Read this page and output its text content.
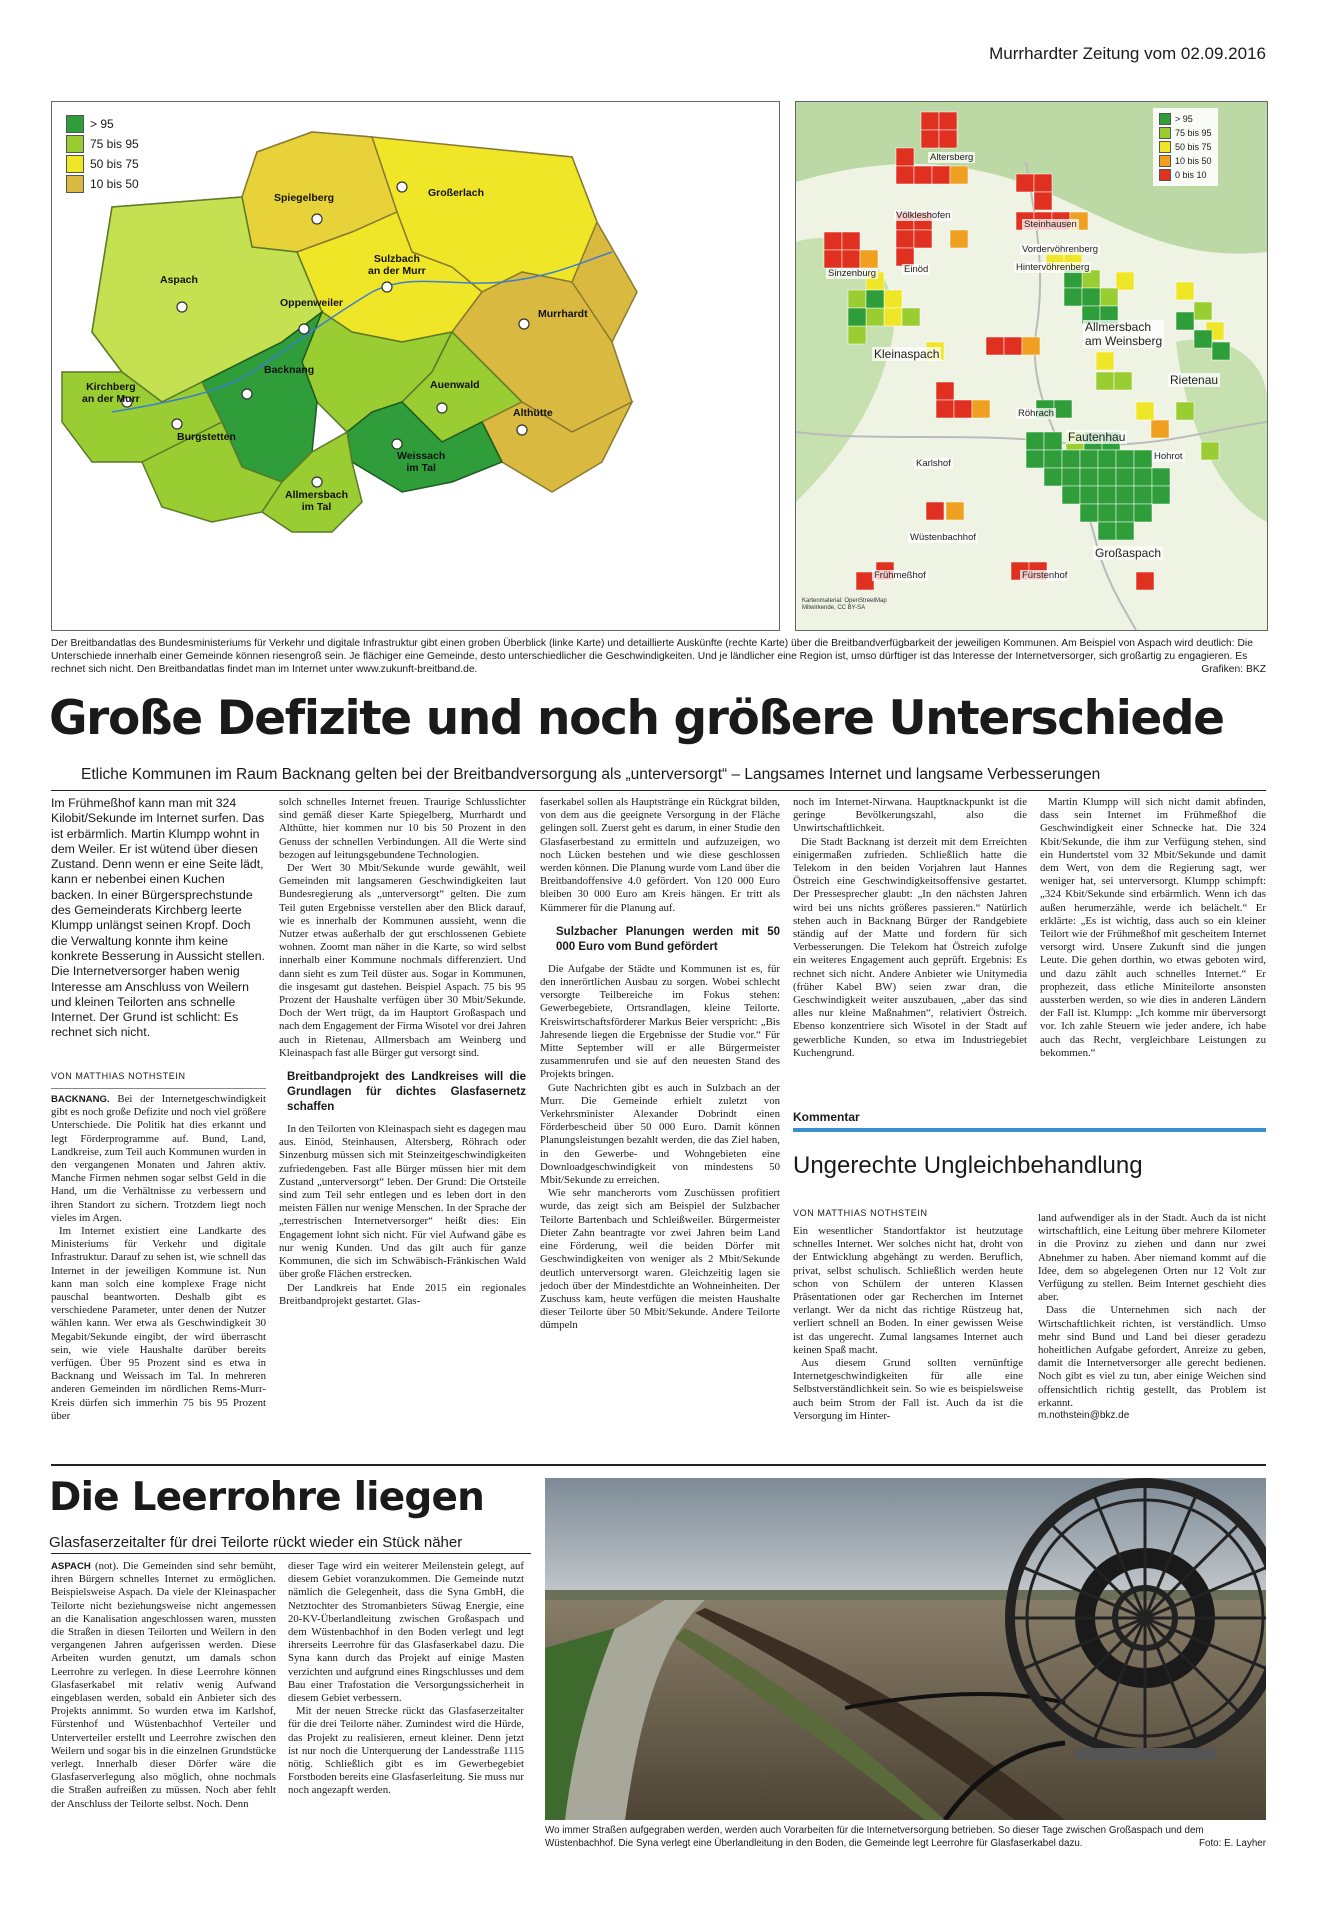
Murrhardter Zeitung vom 02.09.2016
> 95
75 bis 95
50 bis 75
10 bis 50
Großerlach
Spiegelberg
Sulzbach
an der Murr
Aspach
Oppenweiler
Murrhardt
Backnang
Kirchberg
an der Murr
Auenwald
Burgstetten
Althütte
Weissach
im Tal
Allmersbach
im Tal
> 95
75 bis 95
50 bis 75
10 bis 50
0 bis 10
Altersberg
Völkleshofen
Steinhausen
Vordervöhrenberg
Hintervöhrenberg
Sinzenburg	Einöd
Allmersbach
am Weinsberg
Kleinaspach
Rietenau
Röhrach
Fautenhau
Hohrot
Karlshof
Wüstenbachhof
Großaspach
Frühmeßhof	Fürstenhof
Kartenmaterial: OpenStreetMap
Mitwirkende, CC BY-SA
Der Breitbandatlas des Bundesministeriums für Verkehr und digitale Infrastruktur gibt einen groben Überblick (linke Karte) und detaillierte Auskünfte (rechte Karte) über die Breitbandverfügbarkeit der jeweiligen Kommunen. Am Beispiel von Aspach wird deutlich: Die Unterschiede innerhalb einer Gemeinde können riesengroß sein. Je flächiger eine Gemeinde, desto unterschiedlicher die Geschwindigkeiten. Und je ländlicher eine Region ist, umso dürftiger ist das Interesse der Internetversorger, sich großartig zu engagieren. Es rechnet sich nicht. Den Breitbandatlas findet man im Internet unter www.zukunft-breitband.de.	Grafiken: BKZ
Große Defizite und noch größere Unterschiede
Etliche Kommunen im Raum Backnang gelten bei der Breitbandversorgung als „unterversorgt“ – Langsames Internet und langsame Verbesserungen
Im Frühmeßhof kann man mit 324 Kilobit/Sekunde im Internet surfen. Das ist erbärmlich. Martin Klumpp wohnt in dem Weiler. Er ist wütend über diesen Zustand. Denn wenn er eine Seite lädt, kann er nebenbei einen Kuchen backen. In einer Bürgersprechstunde des Gemeinderats Kirchberg leerte Klumpp unlängst seinen Kropf. Doch die Verwaltung konnte ihm keine konkrete Besserung in Aussicht stellen. Die Internetversorger haben wenig Interesse am Anschluss von Weilern und kleinen Teilorten ans schnelle Internet. Der Grund ist schlicht: Es rechnet sich nicht.
VON MATTHIAS NOTHSTEIN

BACKNANG. Bei der Internetgeschwindigkeit gibt es noch große Defizite und noch viel größere Unterschiede. Die Politik hat dies erkannt und legt Förderprogramme auf. Bund, Land, Landkreise, zum Teil auch Kommunen wurden in den vergangenen Monaten und Jahren aktiv. Manche Firmen nehmen sogar selbst Geld in die Hand, um die Verhältnisse zu verbessern und ihren Standort zu sichern. Trotzdem liegt noch vieles im Argen.

Im Internet existiert eine Landkarte des Ministeriums für Verkehr und digitale Infrastruktur. Darauf zu sehen ist, wie schnell das Internet in der jeweiligen Kommune ist. Nun kann man solch eine komplexe Frage nicht pauschal beantworten. Deshalb gibt es verschiedene Parameter, unter denen der Nutzer wählen kann. Wer etwa als Geschwindigkeit 30 Megabit/Sekunde eingibt, der wird überrascht sein, wie viele Haushalte darüber bereits verfügen. Über 95 Prozent sind es etwa in Backnang und Weissach im Tal. In mehreren anderen Gemeinden im nördlichen Rems-Murr-Kreis dürfen sich immerhin 75 bis 95 Prozent über

solch schnelles Internet freuen. Traurige Schlusslichter sind gemäß dieser Karte Spiegelberg, Murrhardt und Althütte, hier kommen nur 10 bis 50 Prozent in den Genuss der schnellen Verbindungen. All die Werte sind bezogen auf leitungsgebundene Technologien.

Der Wert 30 Mbit/Sekunde wurde gewählt, weil Gemeinden mit langsameren Geschwindigkeiten laut Bundesregierung als „unterversorgt“ gelten. Die zum Teil guten Ergebnisse verstellen aber den Blick darauf, wie es innerhalb der Kommunen aussieht, wenn die Nutzer etwas außerhalb der gut erschlossenen Gebiete wohnen. Zoomt man näher in die Karte, so wird selbst innerhalb einer Kommune nochmals differenziert. Und dann sieht es zum Teil düster aus. Sogar in Kommunen, die insgesamt gut dastehen. Beispiel Aspach. 75 bis 95 Prozent der Haushalte verfügen über 30 Mbit/Sekunde. Doch der Wert trügt, da im Hauptort Großaspach und nach dem Engagement der Firma Wisotel vor drei Jahren auch in Rietenau, Allmersbach am Weinberg und Kleinaspach fast alle Bürger gut versorgt sind.

Breitbandprojekt des Landkreises will die Grundlagen für dichtes Glasfasernetz schaffen

In den Teilorten von Kleinaspach sieht es dagegen mau aus. Einöd, Steinhausen, Altersberg, Röhrach oder Sinzenburg müssen sich mit Steinzeitgeschwindigkeiten zufriedengeben. Fast alle Bürger müssen hier mit dem Zustand „unterversorgt“ leben. Der Grund: Die Ortsteile sind zum Teil sehr entlegen und es leben dort in den meisten Fällen nur wenige Menschen. In der Sprache der „terrestrischen Internetversorger“ heißt dies: Ein Engagement lohnt sich nicht. Für viel Aufwand gäbe es nur wenig Kunden. Und das gilt auch für ganze Kommunen, die sich im Schwäbisch-Fränkischen Wald über große Flächen erstrecken.

Der Landkreis hat Ende 2015 ein regionales Breitbandprojekt gestartet. Glas-

faserkabel sollen als Hauptstränge ein Rückgrat bilden, von dem aus die geeignete Versorgung in der Fläche gelingen soll. Zuerst geht es darum, in einer Studie den Glasfaserbestand zu ermitteln und aufzuzeigen, wo noch Lücken bestehen und wie diese geschlossen werden können. Die Planung wurde vom Land über die Breitbandoffensive 4.0 gefördert. Von 120 000 Euro bleiben 30 000 Euro am Kreis hängen. Er tritt als Kümmerer für die Planung auf.

Sulzbacher Planungen werden mit 50 000 Euro vom Bund gefördert

Die Aufgabe der Städte und Kommunen ist es, für den innerörtlichen Ausbau zu sorgen. Wobei schlecht versorgte Teilbereiche im Fokus stehen: Gewerbegebiete, Ortsrandlagen, kleine Teilorte. Kreiswirtschaftsförderer Markus Beier verspricht: „Bis Jahresende liegen die Ergebnisse der Studie vor.“ Für Mitte September will er alle Bürgermeister zusammenrufen und sie auf den neuesten Stand des Projekts bringen.

Gute Nachrichten gibt es auch in Sulzbach an der Murr. Die Gemeinde erhielt zuletzt von Verkehrsminister Alexander Dobrindt einen Förderbescheid über 50 000 Euro. Damit können Planungsleistungen bezahlt werden, die das Ziel haben, in den Gewerbe- und Wohngebieten eine Downloadgeschwindigkeit von mindestens 50 Mbit/Sekunde zu erreichen.

Wie sehr mancherorts vom Zuschüssen profitiert wurde, das zeigt sich am Beispiel der Sulzbacher Teilorte Bartenbach und Schleißweiler. Bürgermeister Dieter Zahn beantragte vor zwei Jahren beim Land eine Förderung, weil die beiden Dörfer mit Geschwindigkeiten von weniger als 2 Mbit/Sekunde deutlich unterversorgt waren. Gleichzeitig lagen sie jedoch über der Mindestdichte an Wohneinheiten. Der Zuschuss kam, heute verfügen die meisten Haushalte dieser Teilorte über 50 Mbit/Sekunde. Andere Teilorte dümpeln

noch im Internet-Nirwana. Hauptknackpunkt ist die geringe Bevölkerungszahl, also die Unwirtschaftlichkeit.

Die Stadt Backnang ist derzeit mit dem Erreichten einigermaßen zufrieden. Schließlich hatte die Telekom in den beiden Vorjahren laut Hannes Östreich eine Geschwindigkeitsoffensive gestartet. Der Pressesprecher glaubt: „In den nächsten Jahren wird bei uns nichts größeres passieren.“ Natürlich stehen auch in Backnang Bürger der Randgebiete ständig auf der Matte und fordern für sich Verbesserungen. Die Telekom hat Östreich zufolge ein weiteres Engagement auch geprüft. Ergebnis: Es rechnet sich nicht. Andere Anbieter wie Unitymedia (früher Kabel BW) seien zwar dran, die Geschwindigkeit weiter auszubauen, „aber das sind alles nur kleine Maßnahmen“, relativiert Östreich. Ebenso konzentriere sich Wisotel in der Stadt auf gewerbliche Kunden, so etwa im Industriegebiet Kuchengrund.

Martin Klumpp will sich nicht damit abfinden, dass sein Internet im Frühmeßhof die Geschwindigkeit einer Schnecke hat. Die 324 Kbit/Sekunde, die ihm zur Verfügung stehen, sind ein Hundertstel vom 32 Mbit/Sekunde und damit dem Wert, von dem die Regierung sagt, wer weniger hat, sei unterversorgt. Klumpp schimpft: „324 Kbit/Sekunde sind erbärmlich. Wenn ich das außen herumerzähle, werde ich belächelt.“ Er erklärte: „Es ist wichtig, dass auch so ein kleiner Teilort wie der Frühmeßhof mit gescheitem Internet versorgt wird. Unsere Zukunft sind die jungen Leute. Die gehen dorthin, wo etwas geboten wird, und dazu zählt auch schnelles Internet.“ Er prophezeit, dass etliche Miniteilorte ansonsten aussterben werden, so wie dies in anderen Ländern der Fall ist. Klumpp: „Ich komme mir überversorgt vor. Ich zahle Steuern wie jeder andere, ich habe auch das Recht, vergleichbare Leistungen zu bekommen.“

Kommentar
Ungerechte Ungleichbehandlung
VON MATTHIAS NOTHSTEIN

Ein wesentlicher Standortfaktor ist heutzutage schnelles Internet. Wer solches nicht hat, droht von der Entwicklung abgehängt zu werden. Beruflich, privat, selbst schulisch. Schließlich werden heute schon von Schülern der unteren Klassen Präsentationen oder gar Recherchen im Internet verlangt. Wer da nicht das richtige Rüstzeug hat, verliert schnell an Boden. In einer gewissen Weise ist das ungerecht. Zumal langsames Internet auch keinen Spaß macht.

Aus diesem Grund sollten vernünftige Internetgeschwindigkeiten für alle eine Selbstverständlichkeit sein. So wie es beispielsweise auch beim Strom der Fall ist. Auch da ist die Versorgung im Hinter-

land aufwendiger als in der Stadt. Auch da ist nicht wirtschaftlich, eine Leitung über mehrere Kilometer in die Provinz zu ziehen und dann nur zwei Abnehmer zu haben. Aber niemand kommt auf die Idee, dem so abgelegenen Orten nur 12 Volt zur Verfügung zu stellen. Beim Internet geschieht dies aber.

Dass die Unternehmen sich nach der Wirtschaftlichkeit richten, ist verständlich. Umso mehr sind Bund und Land bei dieser geradezu hoheitlichen Aufgabe gefordert, Anreize zu geben, damit die Internetversorger alle gerecht bedienen. Noch gibt es viel zu tun, aber einige Weichen sind offensichtlich richtig gestellt, das Problem ist erkannt.

m.nothstein@bkz.de
Die Leerrohre liegen
Glasfaserzeitalter für drei Teilorte rückt wieder ein Stück näher

ASPACH (not). Die Gemeinden sind sehr bemüht, ihren Bürgern schnelles Internet zu ermöglichen. Beispielsweise Aspach. Da viele der Kleinaspacher Teilorte nicht beziehungsweise nicht angemessen an die Kanalisation angeschlossen waren, mussten die Straßen in diesen Teilorten und Weilern in den vergangenen Jahren aufgerissen werden. Diese Arbeiten wurden genutzt, um damals schon Leerrohre zu verlegen. In diese Leerrohre können Glasfaserkabel mit relativ wenig Aufwand eingeblasen werden, sobald ein Anbieter sich des Projekts annimmt. So wurden etwa im Karlshof, Fürstenhof und Wüstenbachhof Verteiler und Unterverteiler erstellt und Leerrohre zwischen den Weilern und sogar bis in die einzelnen Grundstücke verlegt. Innerhalb dieser Dörfer wäre die Glasfaserverlegung also möglich, ohne nochmals die Straßen aufreißen zu müssen. Noch aber fehlt der Anschluss der Teilorte selbst. Noch. Denn

dieser Tage wird ein weiterer Meilenstein gelegt, auf diesem Gebiet voranzukommen. Die Gemeinde nutzt nämlich die Gelegenheit, dass die Syna GmbH, die Netztochter des Stromanbieters Süwag Energie, eine 20-KV-Überlandleitung zwischen Großaspach und dem Wüstenbachhof in den Boden verlegt und legt ihrerseits Leerrohre für das Glasfaserkabel dazu. Die Syna kann durch das Projekt auf einige Masten verzichten und aufgrund eines Ringschlusses und dem Bau einer Trafostation die Versorgungssicherheit in diesem Gebiet verbessern.

Mit der neuen Strecke rückt das Glasfaserzeitalter für die drei Teilorte näher. Zumindest wird die Hürde, das Projekt zu realisieren, erneut kleiner. Denn jetzt ist nur noch die Unterquerung der Landesstraße 1115 nötig. Schließlich gibt es im Gewerbegebiet Forstboden bereits eine Glasfaserleitung. Sie muss nur noch angezapft werden.

Wo immer Straßen aufgegraben werden, werden auch Vorarbeiten für die Internetversorgung betrieben. So dieser Tage zwischen Großaspach und dem Wüstenbachhof. Die Syna verlegt eine Überlandleitung in den Boden, die Gemeinde legt Leerrohre für Glasfaserkabel dazu.	Foto: E. Layher
